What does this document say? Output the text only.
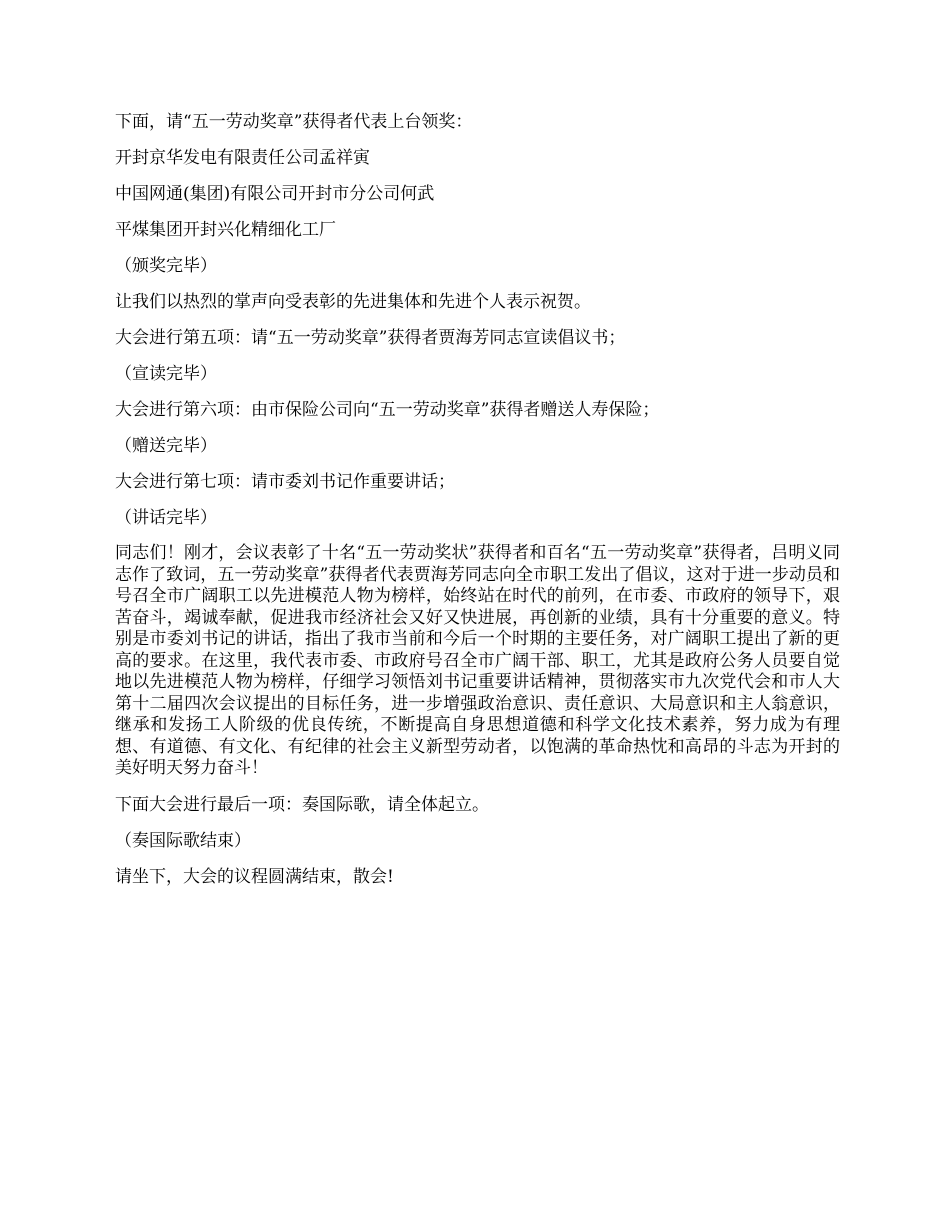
下面，请“五一劳动奖章”获得者代表上台领奖：

开封京华发电有限责任公司孟祥寅

中国网通(集团)有限公司开封市分公司何武

平煤集团开封兴化精细化工厂

（颁奖完毕）

让我们以热烈的掌声向受表彰的先进集体和先进个人表示祝贺。

大会进行第五项：请“五一劳动奖章”获得者贾海芳同志宣读倡议书；

（宣读完毕）

大会进行第六项：由市保险公司向“五一劳动奖章”获得者赠送人寿保险；

（赠送完毕）

大会进行第七项：请市委刘书记作重要讲话；

（讲话完毕）

同志们！刚才，会议表彰了十名“五一劳动奖状”获得者和百名“五一劳动奖章”获得者，吕明义同志作了致词，五一劳动奖章”获得者代表贾海芳同志向全市职工发出了倡议，这对于进一步动员和号召全市广阔职工以先进模范人物为榜样，始终站在时代的前列，在市委、市政府的领导下，艰苦奋斗，竭诚奉献，促进我市经济社会又好又快进展，再创新的业绩，具有十分重要的意义。特别是市委刘书记的讲话，指出了我市当前和今后一个时期的主要任务，对广阔职工提出了新的更高的要求。在这里，我代表市委、市政府号召全市广阔干部、职工，尤其是政府公务人员要自觉地以先进模范人物为榜样，仔细学习领悟刘书记重要讲话精神，贯彻落实市九次党代会和市人大第十二届四次会议提出的目标任务，进一步增强政治意识、责任意识、大局意识和主人翁意识，继承和发扬工人阶级的优良传统，不断提高自身思想道德和科学文化技术素养，努力成为有理想、有道德、有文化、有纪律的社会主义新型劳动者，以饱满的革命热忱和高昂的斗志为开封的美好明天努力奋斗！

下面大会进行最后一项：奏国际歌，请全体起立。

（奏国际歌结束）

请坐下，大会的议程圆满结束，散会!
